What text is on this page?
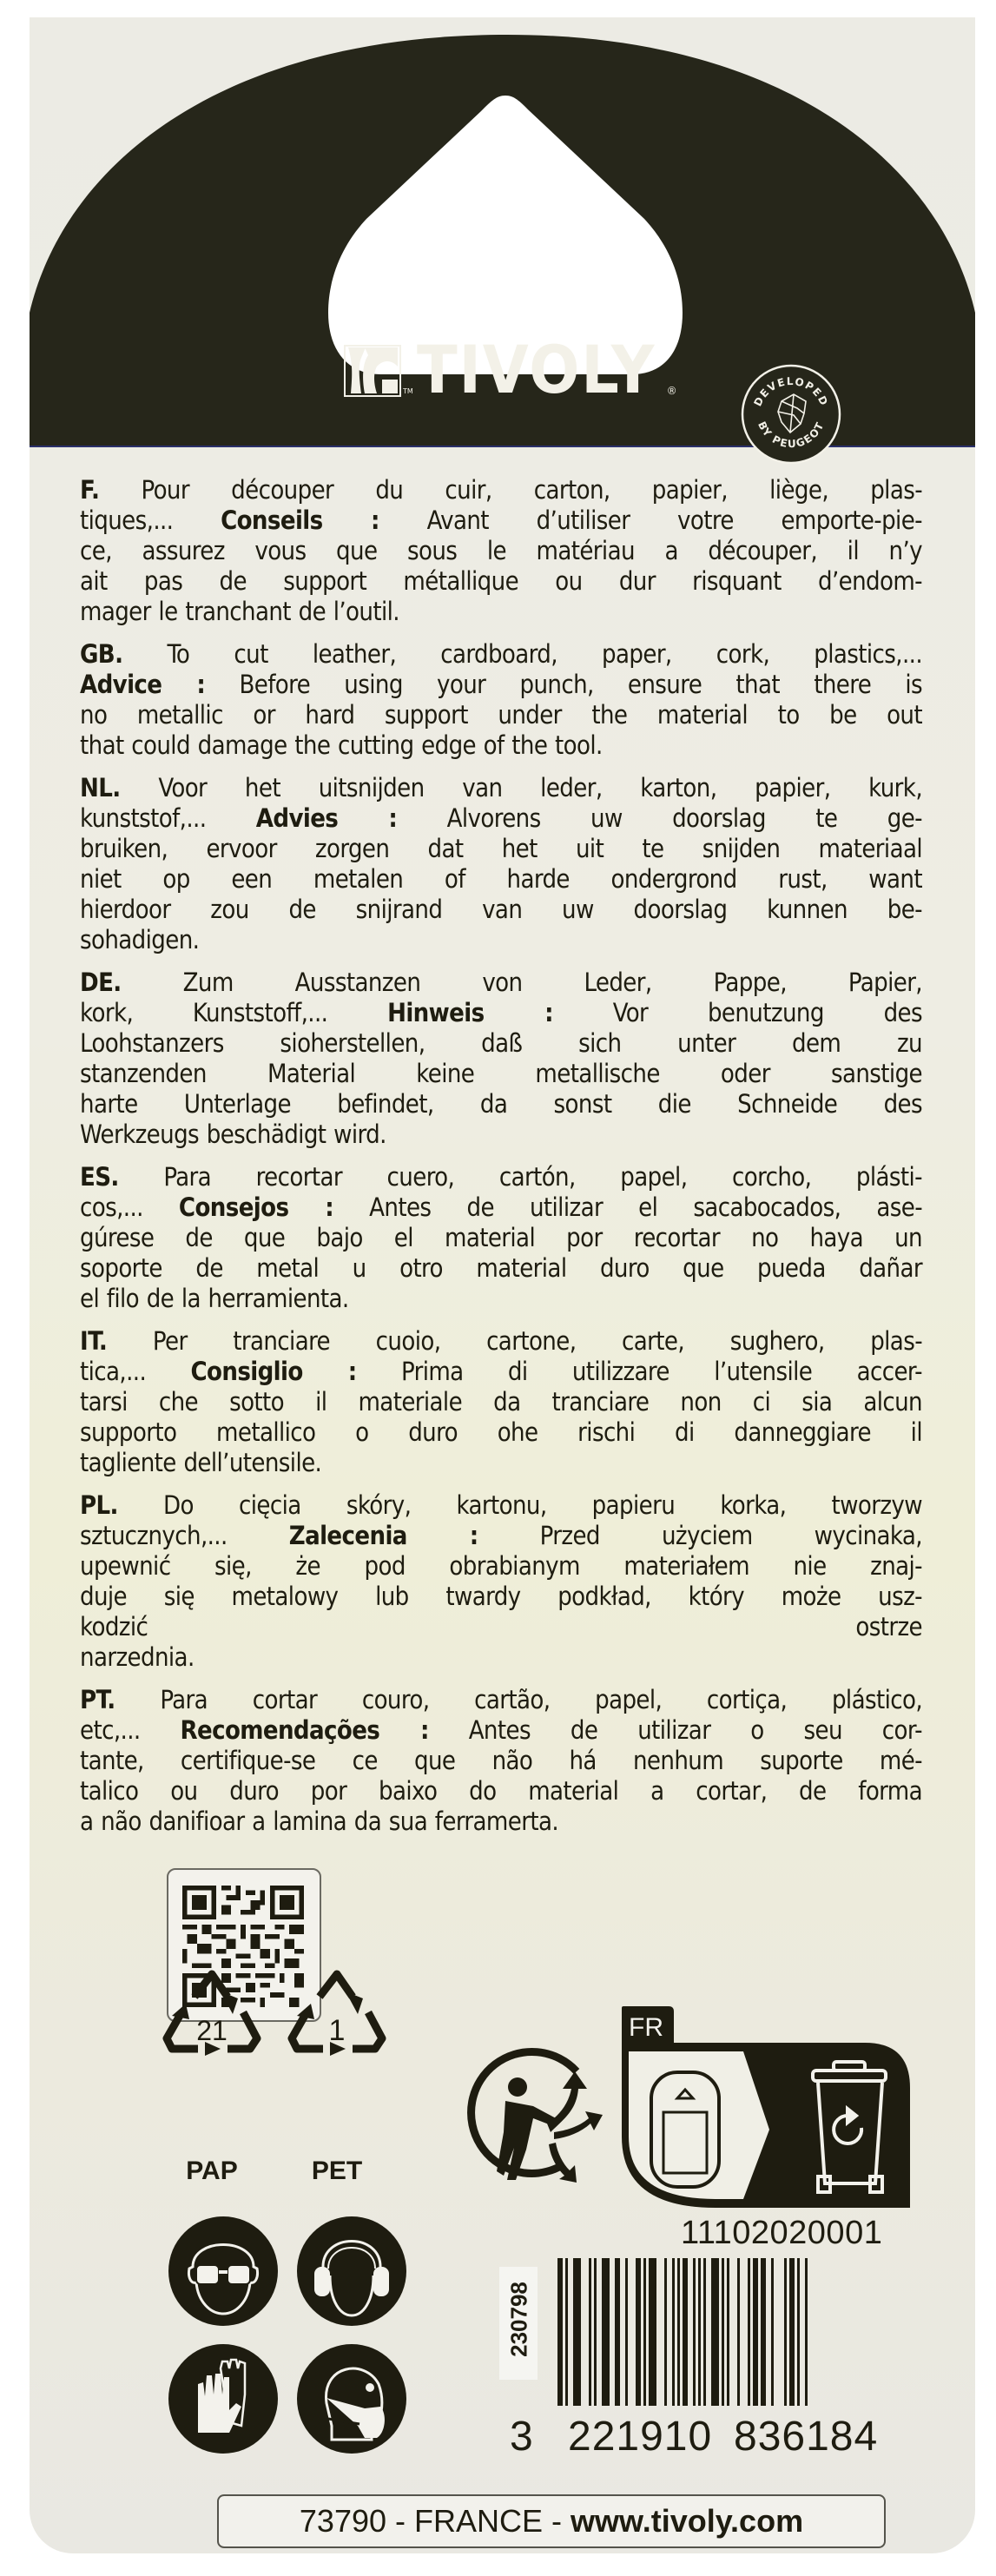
TM TIVOLY ®
DEVELOPED
BY PEUGEOT
F. Pour découper du cuir, carton, papier, liège, plas-
tiques,... Conseils : Avant d’utiliser votre emporte-pie-
ce, assurez vous que sous le matériau a découper, il n’y
ait pas de support métallique ou dur risquant d’endom-
mager le tranchant de l’outil.
GB. To cut leather, cardboard, paper, cork, plastics,...
Advice : Before using your punch, ensure that there is
no metallic or hard support under the material to be out
that could damage the cutting edge of the tool.
NL. Voor het uitsnijden van leder, karton, papier, kurk,
kunststof,... Advies : Alvorens uw doorslag te ge-
bruiken, ervoor zorgen dat het uit te snijden materiaal
niet op een metalen of harde ondergrond rust, want
hierdoor zou de snijrand van uw doorslag kunnen be-
sohadigen.
DE. Zum Ausstanzen von Leder, Pappe, Papier,
kork, Kunststoff,... Hinweis : Vor benutzung des
Loohstanzers sioherstellen, daß sich unter dem zu
stanzenden Material keine metallische oder sanstige
harte Unterlage befindet, da sonst die Schneide des
Werkzeugs beschädigt wird.
ES. Para recortar cuero, cartón, papel, corcho, plásti-
cos,... Consejos : Antes de utilizar el sacabocados, ase-
gúrese de que bajo el material por recortar no haya un
soporte de metal u otro material duro que pueda dañar
el filo de la herramienta.
IT. Per tranciare cuoio, cartone, carte, sughero, plas-
tica,... Consiglio : Prima di utilizzare l’utensile accer-
tarsi che sotto il materiale da tranciare non ci sia alcun
supporto metallico o duro ohe rischi di danneggiare il
tagliente dell’utensile.
PL. Do cięcia skóry, kartonu, papieru korka, tworzyw
sztucznych,... Zalecenia : Przed użyciem wycinaka,
upewnić się, że pod obrabianym materiałem nie znaj-
duje się metalowy lub twardy podkład, który może usz-
kodzić ostrze
narzednia.
PT. Para cortar couro, cartão, papel, cortiça, plástico,
etc,... Recomendações : Antes de utilizar o seu cor-
tante, certifique-se ce que não há nenhum suporte mé-
talico ou duro por baixo do material a cortar, de forma
a não danifioar a lamina da sua ferramerta.
21
PAP
1
PET
FR
11102020001
230798
3 221910 836184
73790 - FRANCE - www.tivoly.com
